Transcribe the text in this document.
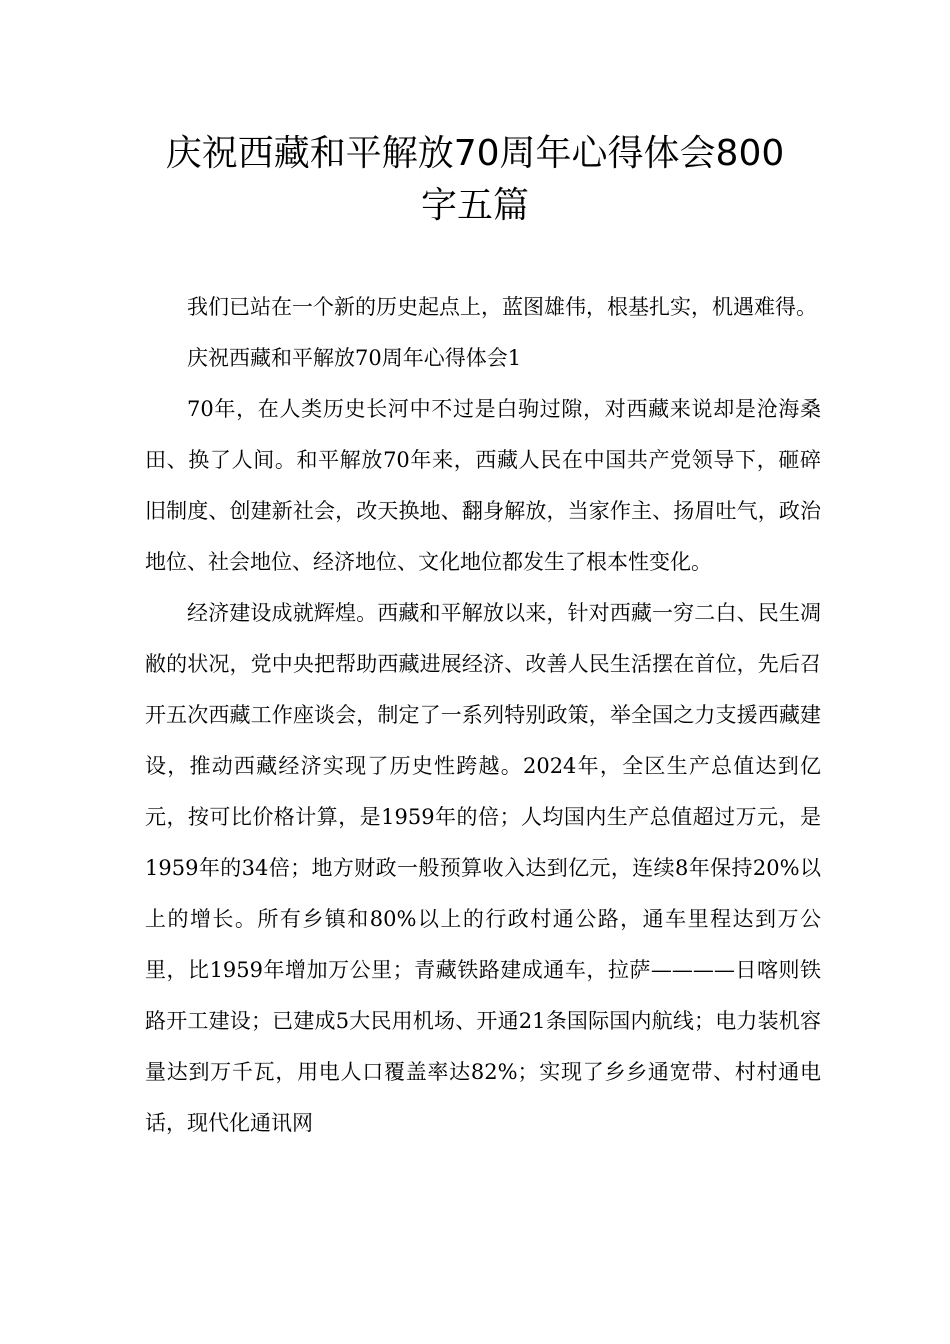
庆祝西藏和平解放70周年心得体会800
字五篇

我们已站在一个新的历史起点上，蓝图雄伟，根基扎实，机遇难得。

庆祝西藏和平解放70周年心得体会1

70年，在人类历史长河中不过是白驹过隙，对西藏来说却是沧海桑田、换了人间。和平解放70年来，西藏人民在中国共产党领导下，砸碎旧制度、创建新社会，改天换地、翻身解放，当家作主、扬眉吐气，政治地位、社会地位、经济地位、文化地位都发生了根本性变化。

经济建设成就辉煌。西藏和平解放以来，针对西藏一穷二白、民生凋敝的状况，党中央把帮助西藏进展经济、改善人民生活摆在首位，先后召开五次西藏工作座谈会，制定了一系列特别政策，举全国之力支援西藏建设，推动西藏经济实现了历史性跨越。2024年，全区生产总值达到亿元，按可比价格计算，是1959年的倍；人均国内生产总值超过万元，是1959年的34倍；地方财政一般预算收入达到亿元，连续8年保持20%以上的增长。所有乡镇和80%以上的行政村通公路，通车里程达到万公里，比1959年增加万公里；青藏铁路建成通车，拉萨————日喀则铁路开工建设；已建成5大民用机场、开通21条国际国内航线；电力装机容量达到万千瓦，用电人口覆盖率达82%；实现了乡乡通宽带、村村通电话，现代化通讯网
